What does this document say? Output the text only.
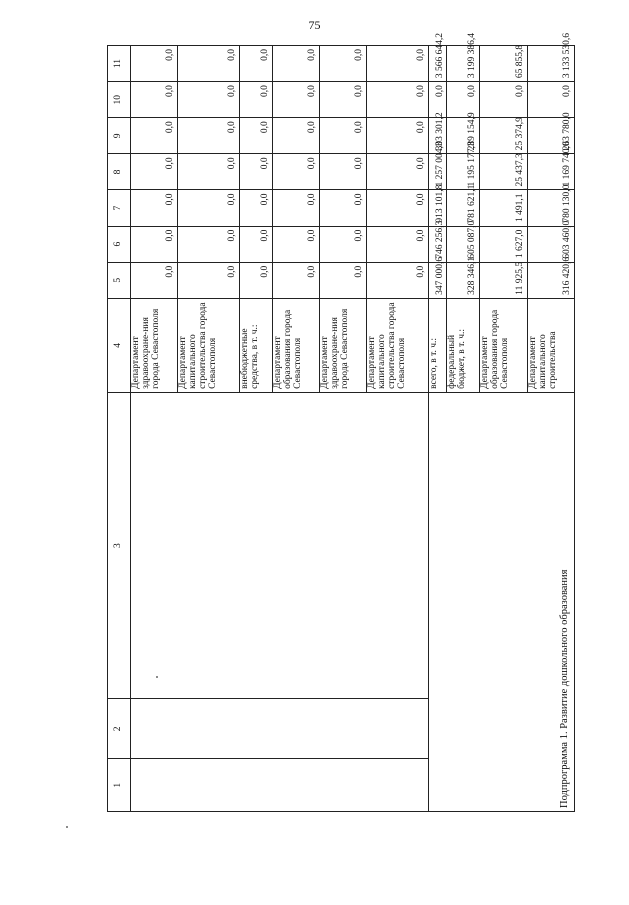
75
1	2	3	4	5	6	7	8	9	10	11
			Департамент здравоохране-ния города Севастополя	0,0	0,0	0,0	0,0	0,0	0,0	0,0
			Департамент капитального строительства города Севастополя	0,0	0,0	0,0	0,0	0,0	0,0	0,0
			внебюджетные средства, в т. ч.:	0,0	0,0	0,0	0,0	0,0	0,0	0,0
			Департамент образования города Севастополя	0,0	0,0	0,0	0,0	0,0	0,0	0,0
			Департамент здравоохране-ния города Севастополя	0,0	0,0	0,0	0,0	0,0	0,0	0,0
			Департамент капитального строительства города Севастополя	0,0	0,0	0,0	0,0	0,0	0,0	0,0
Подпрограмма 1. Развитие дошкольного образования			всего, в т. ч.:	347 000,6	746 256,3	913 101,8	1 257 004,3	303 301,2	0,0	3 566 644,2
			федеральный бюджет, в т. ч.:	328 346,1	605 087,0	781 621,1	1 195 177,3	289 154,9	0,0	3 199 386,4
			Департамент образования города Севастополя	11 925,5	1 627,0	1 491,1	25 437,3	25 374,9	0,0	65 855,8
			Департамент капитального строительства	316 420,6	603 460,0	780 130,0	1 169 740,0	263 780,0	0,0	3 133 530,6
